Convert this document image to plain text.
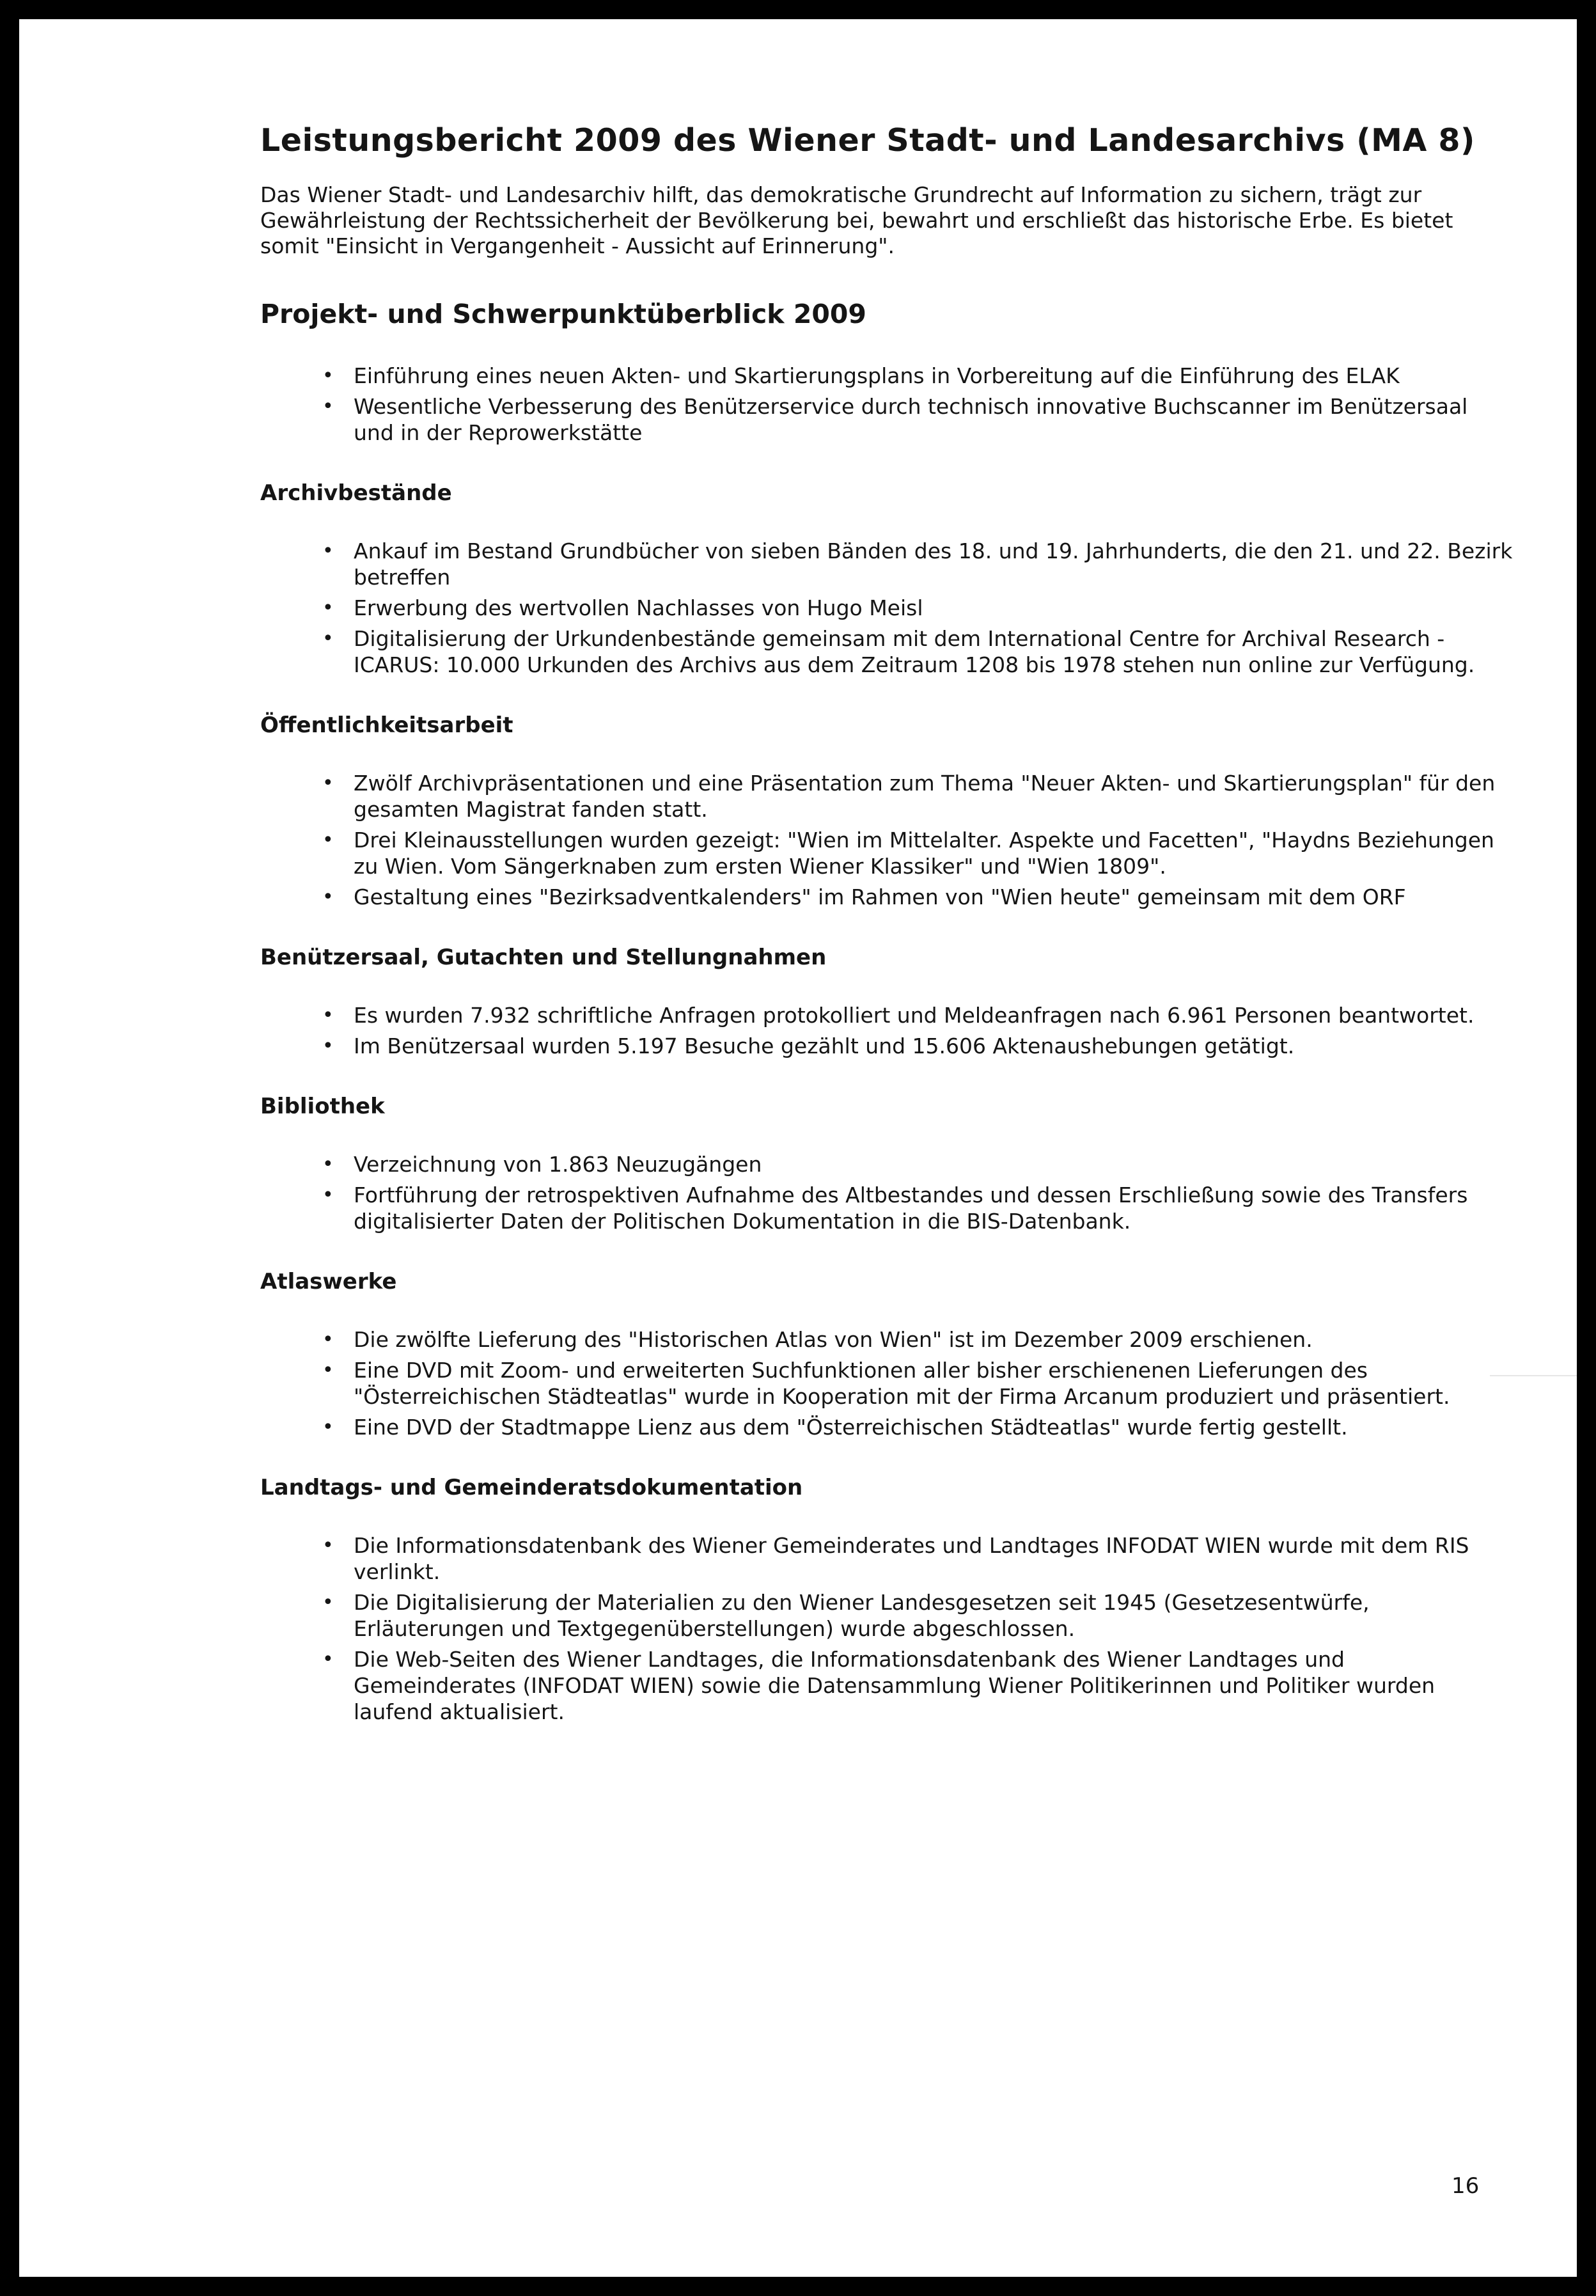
Leistungsbericht 2009 des Wiener Stadt- und Landesarchivs (MA 8)

Das Wiener Stadt- und Landesarchiv hilft, das demokratische Grundrecht auf Information zu sichern, trägt zur Gewährleistung der Rechtssicherheit der Bevölkerung bei, bewahrt und erschließt das historische Erbe. Es bietet somit "Einsicht in Vergangenheit - Aussicht auf Erinnerung".

Projekt- und Schwerpunktüberblick 2009
• Einführung eines neuen Akten- und Skartierungsplans in Vorbereitung auf die Einführung des ELAK
• Wesentliche Verbesserung des Benützerservice durch technisch innovative Buchscanner im Benützersaal und in der Reprowerkstätte
Archivbestände
• Ankauf im Bestand Grundbücher von sieben Bänden des 18. und 19. Jahrhunderts, die den 21. und 22. Bezirk betreffen
• Erwerbung des wertvollen Nachlasses von Hugo Meisl
• Digitalisierung der Urkundenbestände gemeinsam mit dem International Centre for Archival Research - ICARUS: 10.000 Urkunden des Archivs aus dem Zeitraum 1208 bis 1978 stehen nun online zur Verfügung.
Öffentlichkeitsarbeit
• Zwölf Archivpräsentationen und eine Präsentation zum Thema "Neuer Akten- und Skartierungsplan" für den gesamten Magistrat fanden statt.
• Drei Kleinausstellungen wurden gezeigt: "Wien im Mittelalter. Aspekte und Facetten", "Haydns Beziehungen zu Wien. Vom Sängerknaben zum ersten Wiener Klassiker" und "Wien 1809".
• Gestaltung eines "Bezirksadventkalenders" im Rahmen von "Wien heute" gemeinsam mit dem ORF
Benützersaal, Gutachten und Stellungnahmen
• Es wurden 7.932 schriftliche Anfragen protokolliert und Meldeanfragen nach 6.961 Personen beantwortet.
• Im Benützersaal wurden 5.197 Besuche gezählt und 15.606 Aktenaushebungen getätigt.
Bibliothek
• Verzeichnung von 1.863 Neuzugängen
• Fortführung der retrospektiven Aufnahme des Altbestandes und dessen Erschließung sowie des Transfers digitalisierter Daten der Politischen Dokumentation in die BIS-Datenbank.
Atlaswerke
• Die zwölfte Lieferung des "Historischen Atlas von Wien" ist im Dezember 2009 erschienen.
• Eine DVD mit Zoom- und erweiterten Suchfunktionen aller bisher erschienenen Lieferungen des "Österreichischen Städteatlas" wurde in Kooperation mit der Firma Arcanum produziert und präsentiert.
• Eine DVD der Stadtmappe Lienz aus dem "Österreichischen Städteatlas" wurde fertig gestellt.
Landtags- und Gemeinderatsdokumentation
• Die Informationsdatenbank des Wiener Gemeinderates und Landtages INFODAT WIEN wurde mit dem RIS verlinkt.
• Die Digitalisierung der Materialien zu den Wiener Landesgesetzen seit 1945 (Gesetzesentwürfe, Erläuterungen und Textgegenüberstellungen) wurde abgeschlossen.
• Die Web-Seiten des Wiener Landtages, die Informationsdatenbank des Wiener Landtages und Gemeinderates (INFODAT WIEN) sowie die Datensammlung Wiener Politikerinnen und Politiker wurden laufend aktualisiert.
16
